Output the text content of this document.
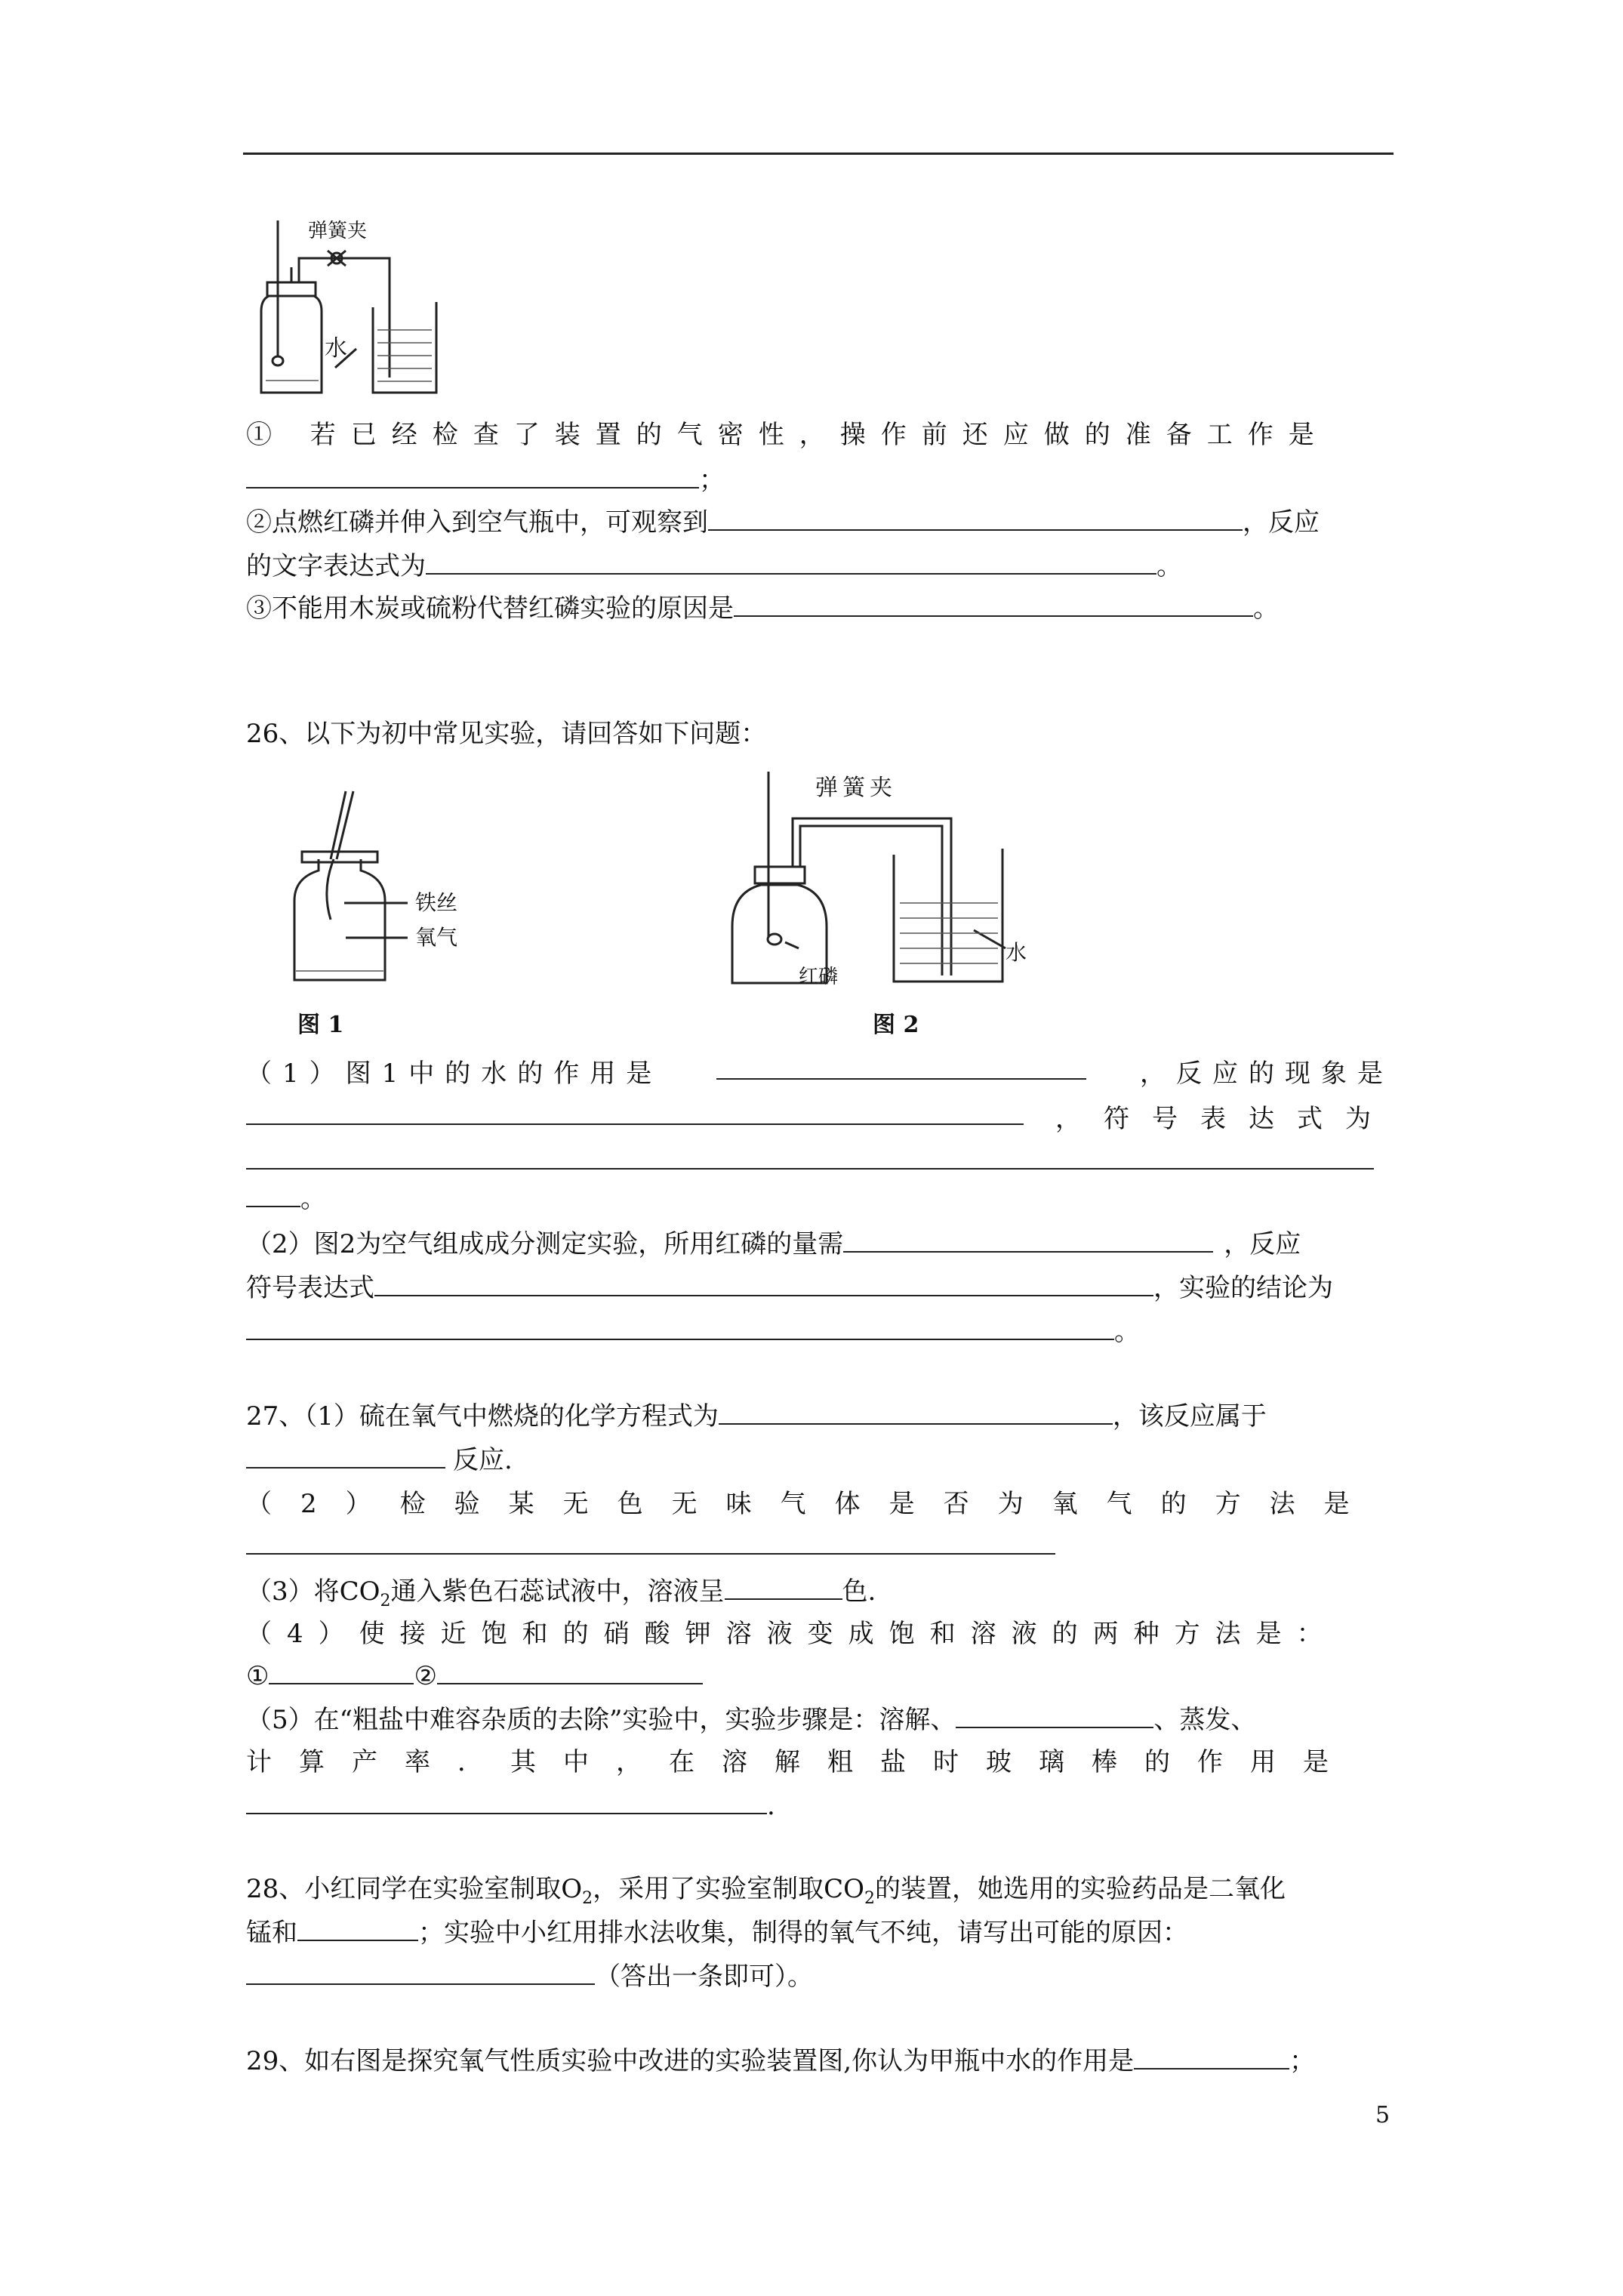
弹簧夹
水
① 若已经检查了装置的气密性，操作前还应做的准备工作是
；
②点燃红磷并伸入到空气瓶中，可观察到	，反应
的文字表达式为	。
③不能用木炭或硫粉代替红磷实验的原因是	。
26、以下为初中常见实验，请回答如下问题：
铁丝
氧气
图 1
弹簧夹
水
红磷
图 2
（1）图1中的水的作用是	，反应的现象是
，符号表达式为
。
（2）图2为空气组成成分测定实验，所用红磷的量需	，反应
符号表达式	，实验的结论为
。
27、（1）硫在氧气中燃烧的化学方程式为	，该反应属于
反应.
（2）检验某无色无味气体是否为氧气的方法是
（3）将$CO_2$通入紫色石蕊试液中，溶液呈	色.
（4）使接近饱和的硝酸钾溶液变成饱和溶液的两种方法是：
①	②
（5）在“粗盐中难容杂质的去除”实验中，实验步骤是：溶解、	、蒸发、
计算产率．其中，在溶解粗盐时玻璃棒的作用是
.
28、小红同学在实验室制取$O_2$，采用了实验室制取$CO_2$的装置，她选用的实验药品是二氧化
锰和	；实验中小红用排水法收集，制得的氧气不纯，请写出可能的原因：
（答出一条即可）。
29、如右图是探究氧气性质实验中改进的实验装置图,你认为甲瓶中水的作用是	；
5
